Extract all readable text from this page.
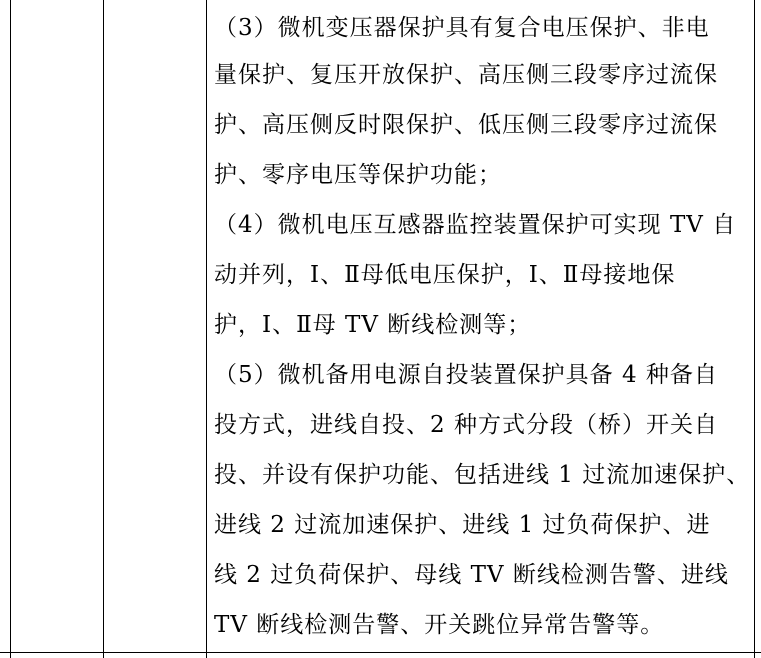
（3）微机变压器保护具有复合电压保护、非电
量保护、复压开放保护、高压侧三段零序过流保
护、高压侧反时限保护、低压侧三段零序过流保
护、零序电压等保护功能；

（4）微机电压互感器监控装置保护可实现 TV 自
动并列，Ⅰ、Ⅱ母低电压保护，Ⅰ、Ⅱ母接地保
护，Ⅰ、Ⅱ母 TV 断线检测等；

（5）微机备用电源自投装置保护具备 4 种备自
投方式，进线自投、2 种方式分段（桥）开关自
投、并设有保护功能、包括进线 1 过流加速保护、
进线 2 过流加速保护、进线 1 过负荷保护、进
线 2 过负荷保护、母线 TV 断线检测告警、进线
TV 断线检测告警、开关跳位异常告警等。
